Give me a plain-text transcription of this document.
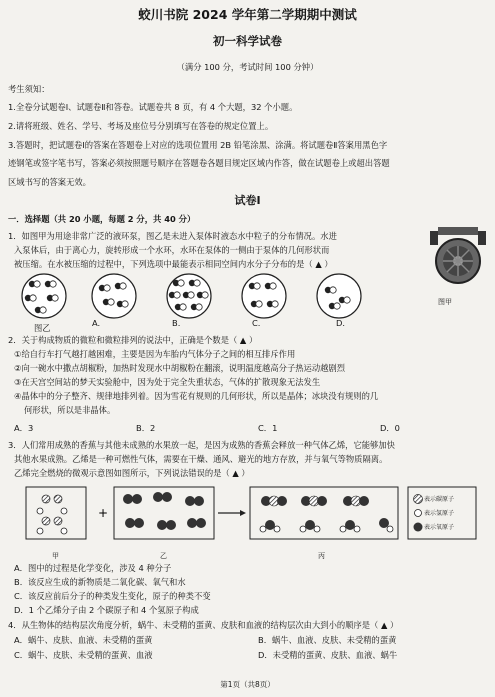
蛟川书院 2024 学年第二学期期中测试
初一科学试卷
（满分 100 分，考试时间 100 分钟）
考生须知：
1.全卷分试题卷Ⅰ、试题卷Ⅱ和答卷。试题卷共 8 页，有 4 个大题，32 个小题。
2.请将班级、姓名、学号、考场及座位号分别填写在答卷的规定位置上。
3.答题时，把试题卷Ⅰ的答案在答题卷上对应的选项位置用 2B 铅笔涂黑、涂满。将试题卷Ⅱ答案用黑色字
迹钢笔或签字笔书写，答案必须按照题号顺序在答题卷各题目规定区域内作答，做在试题卷上或超出答题
区域书写的答案无效。
试卷Ⅰ
一．选择题（共 20 小题，每题 2 分，共 40 分）
1．如图甲为用途非常广泛的液环泵，图乙是未进入泵体时液态水中粒子的分布情况。水进
入泵体后，由于离心力，旋转形成一个水环，水环在泵体的一侧由于泵体的几何形状而
被压缩。在水被压缩的过程中，下列选项中最能表示相同空间内水分子分布的是（ ▲ ）
图甲
图乙	A.	B.	C.	D.
2．关于构成物质的微粒和微粒排列的说法中，正确是个数是（ ▲ ）
①给自行车打气越打越困难，主要是因为车胎内气体分子之间的相互排斥作用
②向一碗水中撒点胡椒粉，加热时发现水中胡椒粉在翻滚，说明温度越高分子热运动越剧烈
③在天宫空间站的梦天实验舱中，因为处于完全失重状态，气体的扩散现象无法发生
④晶体中的分子整齐、规律地排列着。因为雪花有规则的几何形状，所以是晶体；冰块没有规则的几
何形状，所以是非晶体。
A．3	B．2	C．1	D．0
3．人们常用成熟的香蕉与其他未成熟的水果放一起，是因为成熟的香蕉会释放一种气体乙烯，它能够加快
其他水果成熟。乙烯是一种可燃性气体，需要在干燥、通风、避光的地方存放，并与氧气等物质隔离。
乙烯完全燃烧的微观示意图如图所示，下列说法错误的是（ ▲ ）
+
表示碳原子
表示氢原子
表示氧原子
甲	乙	丙
A．图中的过程是化学变化，涉及 4 种分子
B．该反应生成的新物质是二氧化碳、氧气和水
C．该反应前后分子的种类发生变化，原子的种类不变
D．1 个乙烯分子由 2 个碳原子和 4 个氢原子构成
4．从生物体的结构层次角度分析，蜗牛、未受精的蛋黄、皮肤和血液的结构层次由大到小的顺序是（ ▲ ）
A．蜗牛、皮肤、血液、未受精的蛋黄	B．蜗牛、血液、皮肤、未受精的蛋黄
C．蜗牛、皮肤、未受精的蛋黄、血液	D．未受精的蛋黄、皮肤、血液、蜗牛
第1页（共8页）
